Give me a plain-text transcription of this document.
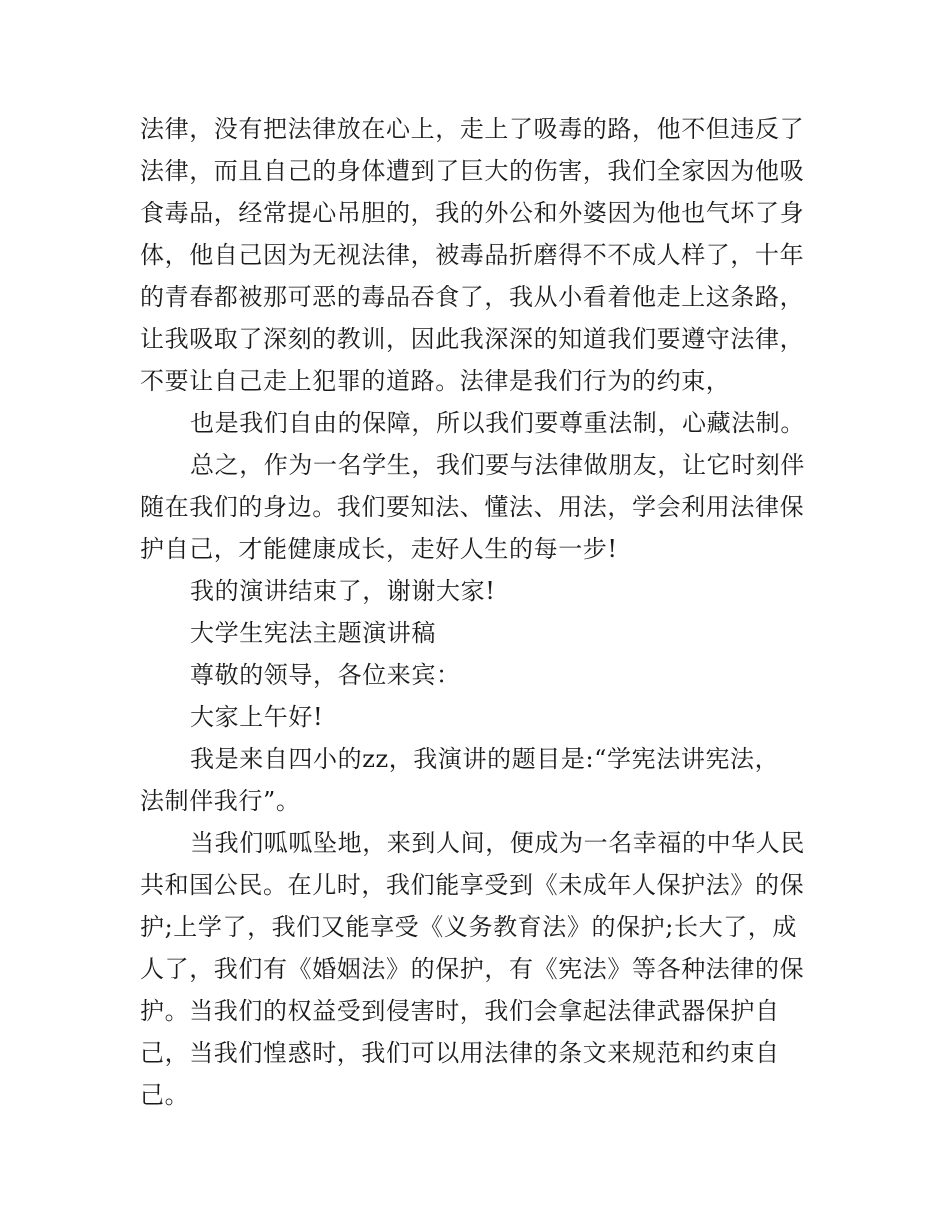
法律，没有把法律放在心上，走上了吸毒的路，他不但违反了
法律，而且自己的身体遭到了巨大的伤害，我们全家因为他吸
食毒品，经常提心吊胆的，我的外公和外婆因为他也气坏了身
体，他自己因为无视法律，被毒品折磨得不不成人样了，十年
的青春都被那可恶的毒品吞食了，我从小看着他走上这条路，
让我吸取了深刻的教训，因此我深深的知道我们要遵守法律，
不要让自己走上犯罪的道路。法律是我们行为的约束，
也是我们自由的保障，所以我们要尊重法制，心藏法制。
总之，作为一名学生，我们要与法律做朋友，让它时刻伴
随在我们的身边。我们要知法、懂法、用法，学会利用法律保
护自己，才能健康成长，走好人生的每一步!
我的演讲结束了，谢谢大家!
大学生宪法主题演讲稿
尊敬的领导，各位来宾：
大家上午好!
我是来自四小的zz，我演讲的题目是:“学宪法讲宪法，
法制伴我行”。
当我们呱呱坠地，来到人间，便成为一名幸福的中华人民
共和国公民。在儿时，我们能享受到《未成年人保护法》的保
护;上学了，我们又能享受《义务教育法》的保护;长大了，成
人了，我们有《婚姻法》的保护，有《宪法》等各种法律的保
护。当我们的权益受到侵害时，我们会拿起法律武器保护自
己，当我们惶惑时，我们可以用法律的条文来规范和约束自
己。
